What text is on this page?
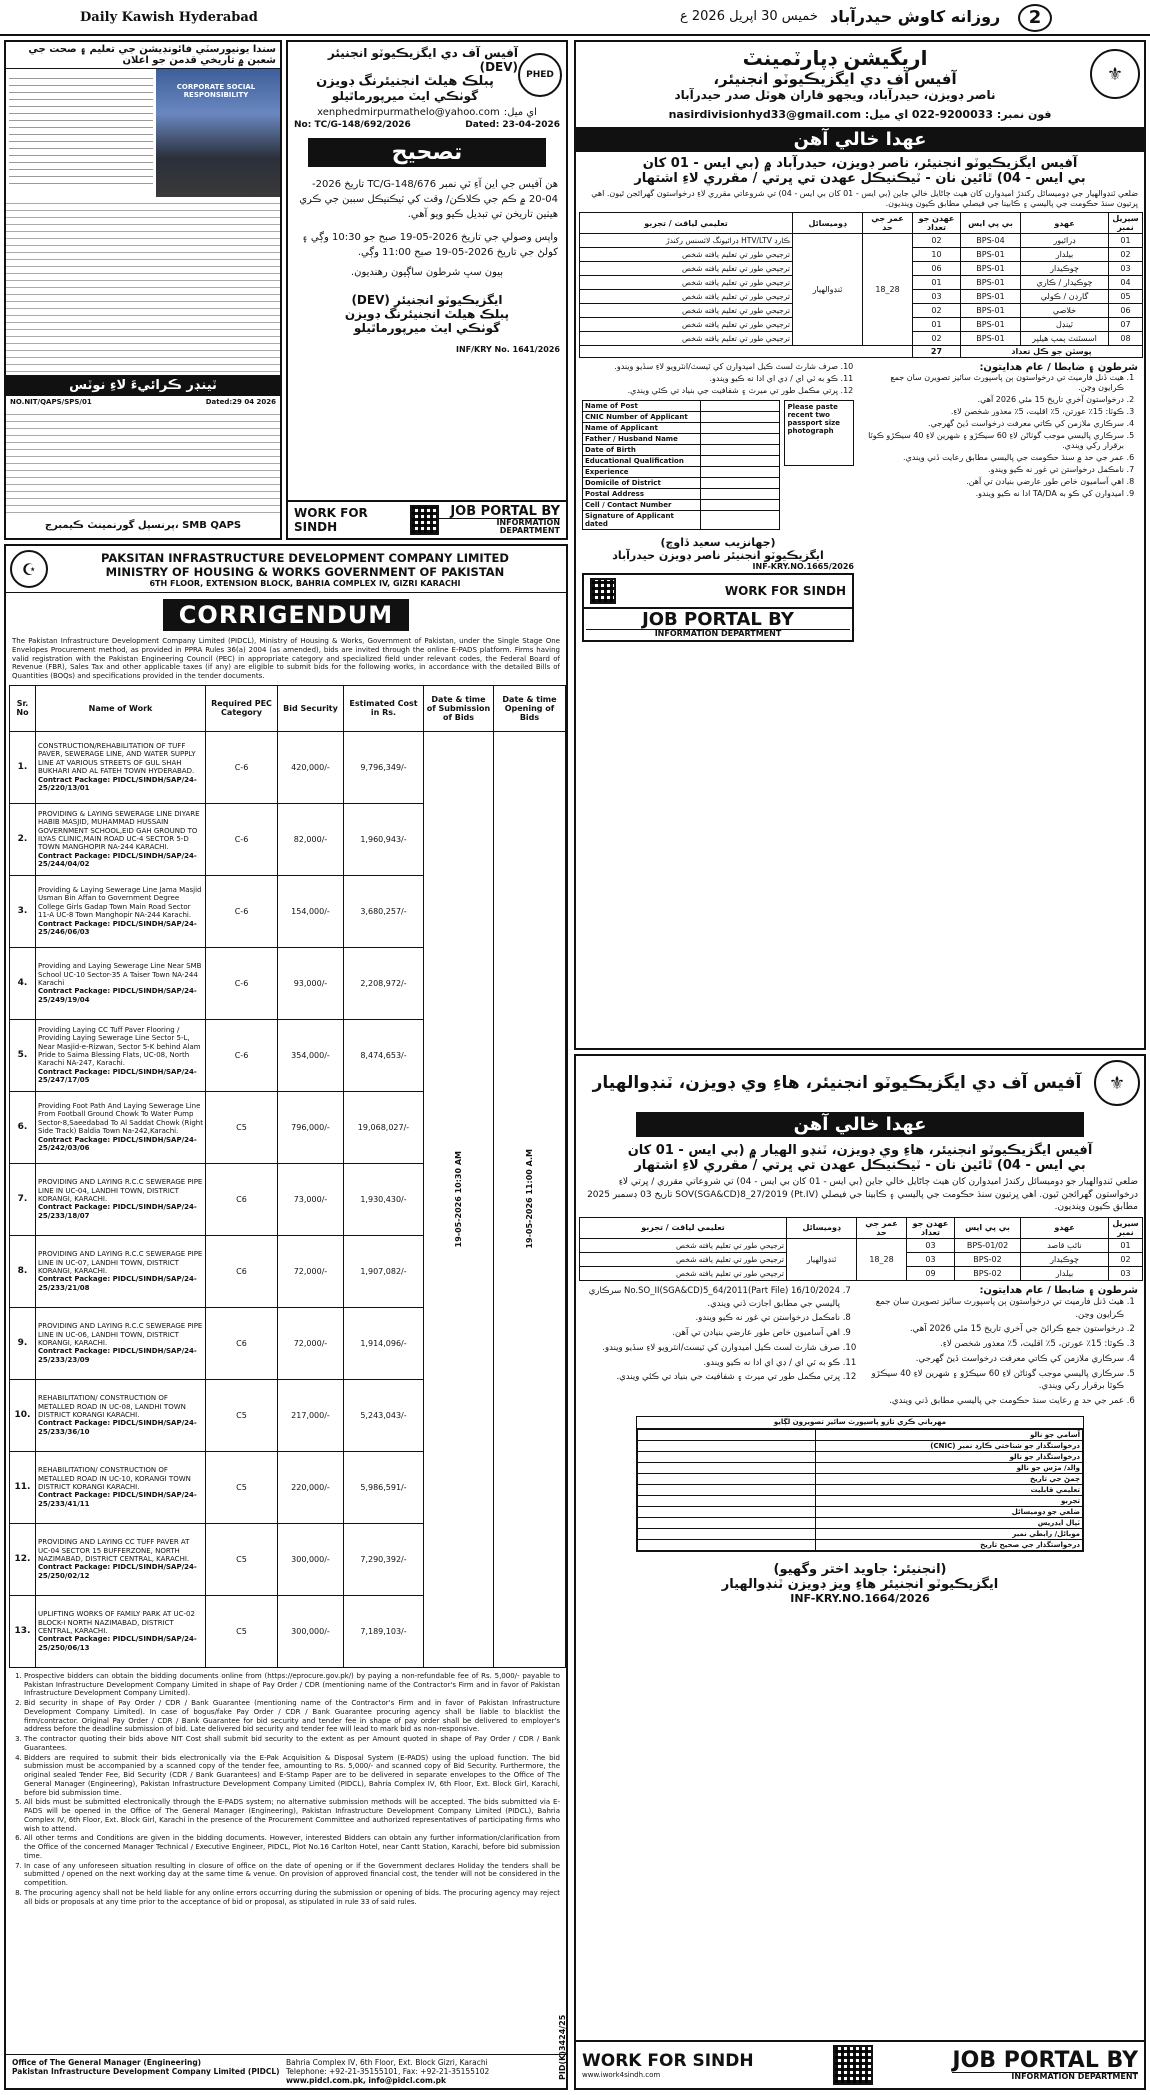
Daily Kawish Hyderabad	خميس 30 اپريل 2026 ع روزانه كاوش حيدرآباد	2
سندا يونيورسٽي فائونڊيشن جي تعليم ۽ صحت جي شعبن ۾ تاريخي قدمن جو اعلان
CORPORATE SOCIAL RESPONSIBILITY
ٽينڊر ڪرائيءَ لاءِ نوٽس
NO.NIT/QAPS/SPS/01	Dated:29 04 2026
SMB QAPS ،پرنسپل گورنمينٽ ڪيمبرج
آفيس آف دي ايگزيڪيوٽو انجنيئر (DEV)
پبلڪ هيلٿ انجنيئرنگ ڊويزن
گوٺڪي ايٽ ميرپورماٿيلو
PHED
xenphedmirpurmathelo@yahoo.com اي ميل:
No: TC/G-148/692/2026	Dated: 23-04-2026
تصحيح
هن آفيس جي اين آءِ ٽي نمبر TC/G-148/676 تاريخ 2026-04-20 ۾ ڪم جي ڪلاڪن/ وقت کي ٽيڪنيڪل سببن جي ڪري هيٺين تاريخن تي تبديل ڪيو ويو آهي.
واپس وصولي جي تاريخ 2026-05-19 صبح جو 10:30 وڳي ۽ کولڻ جي تاريخ 2026-05-19 صبح 11:00 وڳي.
ٻيون سڀ شرطون ساڳيون رهنديون.
ايگزيڪيوٽو انجنيئر (DEV)
پبلڪ هيلٿ انجنيئرنگ ڊويزن
گوٺڪي ايٽ ميرپورماٿيلو
INF/KRY No. 1641/2026
WORK FOR SINDH
JOB PORTAL BY
INFORMATION DEPARTMENT
☪
PAKSITAN INFRASTRUCTURE DEVELOPMENT COMPANY LIMITED
MINISTRY OF HOUSING & WORKS GOVERNMENT OF PAKISTAN
6TH FLOOR, EXTENSION BLOCK, BAHRIA COMPLEX IV, GIZRI KARACHI
CORRIGENDUM
The Pakistan Infrastructure Development Company Limited (PIDCL), Ministry of Housing & Works, Government of Pakistan, under the Single Stage One Envelopes Procurement method, as provided in PPRA Rules 36(a) 2004 (as amended), bids are invited through the online E-PADS platform. Firms having valid registration with the Pakistan Engineering Council (PEC) in appropriate category and specialized field under relevant codes, the Federal Board of Revenue (FBR), Sales Tax and other applicable taxes (if any) are eligible to submit bids for the following works, in accordance with the detailed Bills of Quantities (BOQs) and specifications provided in the tender documents.
Sr. No	Name of Work	Required PEC Category	Bid Security	Estimated Cost in Rs.	Date & time of Submission of Bids	Date & time Opening of Bids
1.	CONSTRUCTION/REHABILITATION OF TUFF PAVER, SEWERAGE LINE, AND WATER SUPPLY LINE AT VARIOUS STREETS OF GUL SHAH BUKHARI AND AL FATEH TOWN HYDERABAD.
Contract Package: PIDCL/SINDH/SAP/24-25/220/13/01	C-6	420,000/-	9,796,349/-	19-05-2026 10:30 AM	19-05-2026 11:00 A.M

2.	PROVIDING & LAYING SEWERAGE LINE DIYARE HABIB MASJID, MUHAMMAD HUSSAIN GOVERNMENT SCHOOL,EID GAH GROUND TO ILYAS CLINIC,MAIN ROAD UC-4 SECTOR 5-D TOWN MANGHOPIR NA-244 KARACHI.
Contract Package: PIDCL/SINDH/SAP/24-25/244/04/02	C-6	82,000/-	1,960,943/-		
3.	Providing & Laying Sewerage Line Jama Masjid Usman Bin Affan to Government Degree College Girls Gadap Town Main Road Sector 11-A UC-8 Town Manghopir NA-244 Karachi.
Contract Package: PIDCL/SINDH/SAP/24-25/246/06/03	C-6	154,000/-	3,680,257/-		
4.	Providing and Laying Sewerage Line Near SMB School UC-10 Sector-35 A Taiser Town NA-244 Karachi
Contract Package: PIDCL/SINDH/SAP/24-25/249/19/04	C-6	93,000/-	2,208,972/-		
5.	Providing Laying CC Tuff Paver Flooring / Providing Laying Sewerage Line Sector 5-L, Near Masjid-e-Rizwan, Sector 5-K behind Alam Pride to Saima Blessing Flats, UC-08, North Karachi NA-247, Karachi.
Contract Package: PIDCL/SINDH/SAP/24-25/247/17/05	C-6	354,000/-	8,474,653/-		
6.	Providing Foot Path And Laying Sewerage Line From Football Ground Chowk To Water Pump Sector-8,Saeedabad To Al Saddat Chowk (Right Side Track) Baldia Town Na-242,Karachi.
Contract Package: PIDCL/SINDH/SAP/24-25/242/03/06	C5	796,000/-	19,068,027/-		
7.	PROVIDING AND LAYING R.C.C SEWERAGE PIPE LINE IN UC-04, LANDHI TOWN, DISTRICT KORANGI, KARACHI.
Contract Package: PIDCL/SINDH/SAP/24-25/233/18/07	C6	73,000/-	1,930,430/-		
8.	PROVIDING AND LAYING R.C.C SEWERAGE PIPE LINE IN UC-07, LANDHI TOWN, DISTRICT KORANGI, KARACHI.
Contract Package: PIDCL/SINDH/SAP/24-25/233/21/08	C6	72,000/-	1,907,082/-		
9.	PROVIDING AND LAYING R.C.C SEWERAGE PIPE LINE IN UC-06, LANDHI TOWN, DISTRICT KORANGI, KARACHI.
Contract Package: PIDCL/SINDH/SAP/24-25/233/23/09	C6	72,000/-	1,914,096/-		
10.	REHABILITATION/ CONSTRUCTION OF METALLED ROAD IN UC-08, LANDHI TOWN DISTRICT KORANGI KARACHI.
Contract Package: PIDCL/SINDH/SAP/24-25/233/36/10	C5	217,000/-	5,243,043/-		
11.	REHABILITATION/ CONSTRUCTION OF METALLED ROAD IN UC-10, KORANGI TOWN DISTRICT KORANGI KARACHI.
Contract Package: PIDCL/SINDH/SAP/24-25/233/41/11	C5	220,000/-	5,986,591/-		
12.	PROVIDING AND LAYING CC TUFF PAVER AT UC-04 SECTOR 15 BUFFERZONE, NORTH NAZIMABAD, DISTRICT CENTRAL, KARACHI.
Contract Package: PIDCL/SINDH/SAP/24-25/250/02/12	C5	300,000/-	7,290,392/-		
13.	UPLIFTING WORKS OF FAMILY PARK AT UC-02 BLOCK-I NORTH NAZIMABAD, DISTRICT CENTRAL, KARACHI.
Contract Package: PIDCL/SINDH/SAP/24-25/250/06/13	C5	300,000/-	7,189,103/-		
1. Prospective bidders can obtain the bidding documents online from (https://eprocure.gov.pk/) by paying a non-refundable fee of Rs. 5,000/- payable to Pakistan Infrastructure Development Company Limited in shape of Pay Order / CDR (mentioning name of the Contractor's Firm and in favor of Pakistan Infrastructure Development Company Limited).
2. Bid security in shape of Pay Order / CDR / Bank Guarantee (mentioning name of the Contractor's Firm and in favor of Pakistan Infrastructure Development Company Limited). In case of bogus/fake Pay Order / CDR / Bank Guarantee procuring agency shall be liable to blacklist the firm/contractor. Original Pay Order / CDR / Bank Guarantee for bid security and tender fee in shape of pay order shall be delivered to employer's address before the deadline submission of bid. Late delivered bid security and tender fee will lead to mark bid as non-responsive.
3. The contractor quoting their bids above NIT Cost shall submit bid security to the extent as per Amount quoted in shape of Pay Order / CDR / Bank Guarantees.
4. Bidders are required to submit their bids electronically via the E-Pak Acquisition & Disposal System (E-PADS) using the upload function. The bid submission must be accompanied by a scanned copy of the tender fee, amounting to Rs. 5,000/- and scanned copy of Bid Security. Furthermore, the original sealed Tender Fee, Bid Security (CDR / Bank Guarantees) and E-Stamp Paper are to be delivered in separate envelopes to the Office of The General Manager (Engineering), Pakistan Infrastructure Development Company Limited (PIDCL), Bahria Complex IV, 6th Floor, Ext. Block Girl, Karachi, before bid submission time.
5. All bids must be submitted electronically through the E-PADS system; no alternative submission methods will be accepted. The bids submitted via E-PADS will be opened in the Office of The General Manager (Engineering), Pakistan Infrastructure Development Company Limited (PIDCL), Bahria Complex IV, 6th Floor, Ext. Block Girl, Karachi in the presence of the Procurement Committee and authorized representatives of participating firms who wish to attend.
6. All other terms and Conditions are given in the bidding documents. However, interested Bidders can obtain any further information/clarification from the Office of the concerned Manager Technical / Executive Engineer, PIDCL, Plot No.16 Carlton Hotel, near Cantt Station, Karachi, before bid submission time.
7. In case of any unforeseen situation resulting in closure of office on the date of opening or if the Government declares Holiday the tenders shall be submitted / opened on the next working day at the same time & venue. On provision of approved financial cost, the tender will not be considered in the competition.
8. The procuring agency shall not be held liable for any online errors occurring during the submission or opening of bids. The procuring agency may reject all bids or proposals at any time prior to the acceptance of bid or proposal, as stipulated in rule 33 of said rules.
Office of The General Manager (Engineering)
Pakistan Infrastructure Development Company Limited (PIDCL)
Bahria Complex IV, 6th Floor, Ext. Block Gizri, Karachi
Telephone: +92-21-35155101, Fax: +92-21-35155102
www.pidcl.com.pk, info@pidcl.com.pk
PID(K)3424/25
اريگيشن ڊپارٽمينٽ
آفيس آف دي ايگزيڪيوٽو انجنيئر،
ناصر ڊويزن، حيدرآباد، ويجهو فاران هوٽل صدر حيدرآباد
⚜
فون نمبر: 9200033-022 اي ميل: nasirdivisionhyd33@gmail.com
عهدا خالي آهن
آفيس ايگزيڪيوٽو انجنيئر، ناصر ڊويزن، حيدرآباد ۾ (بي ايس - 01 کان
بي ايس - 04) ٿائين نان - ٽيڪنيڪل عهدن تي ڀرتي / مقرري لاءِ اشتهار
ضلعي ٽنڊوالهيار جي ڊوميسائل رکندڙ اميدوارن کان هيٺ ڄاڻايل خالي جاين (بي ايس - 01 کان بي ايس - 04) تي شروعاتي مقرري لاءِ درخواستون گهرائجن ٿيون. اهي ڀرتيون سنڌ حڪومت جي پاليسي ۽ ڪابينا جي فيصلي مطابق ڪيون وينديون.
سيريل نمبر	عهدو	بي پي ايس	عهدن جو تعداد	عمر جي حد	ڊوميسائل	تعليمي لياقت / تجربو
01	ڊرائيور	BPS-04	02	18_28	ٽنڊوالهيار	ڪارڊ HTV/LTV ڊرائيونگ لائسنس رکندڙ
02	بيلدار	BPS-01	10			ترجيحي طور تي تعليم يافته شخص
03	چوڪيدار	BPS-01	06			ترجيحي طور تي تعليم يافته شخص
04	چوڪيدار / ڪاري	BPS-01	01			ترجيحي طور تي تعليم يافته شخص
05	گارڊن / ڪولي	BPS-01	03			ترجيحي طور تي تعليم يافته شخص
06	خلاصي	BPS-01	02			ترجيحي طور تي تعليم يافته شخص
07	ٽينڊل	BPS-01	01			ترجيحي طور تي تعليم يافته شخص
08	اسسٽنٽ پمپ هيلپر	BPS-01	02			ترجيحي طور تي تعليم يافته شخص
پوسٽن جو ڪل تعداد			27			
شرطون ۽ ضابطا / عام هدايتون:
1. هيٺ ڏنل فارميٽ تي درخواستون ٻن پاسپورٽ سائيز تصويرن سان جمع ڪرايون وڃن.
2. درخواستون آخري تاريخ 15 مئي 2026 آهي.
3. ڪوٽا: 15٪ عورتن، 5٪ اقليت، 5٪ معذور شخصن لاءِ.
4. سرڪاري ملازمن کي ڪاتي معرفت درخواست ڏيڻ گهرجي.
5. سرڪاري پاليسي موجب گوٺاڻن لاءِ 60 سيڪڙو ۽ شهرين لاءِ 40 سيڪڙو ڪوٽا برقرار رکي ويندي.
6. عمر جي حد ۾ سنڌ حڪومت جي پاليسي مطابق رعايت ڏني ويندي.
7. نامڪمل درخواستن تي غور نه ڪيو ويندو.
8. اهي آساميون خاص طور عارضي بنيادن تي آهن.
9. اميدوارن کي ڪو به TA/DA ادا نه ڪيو ويندو.
10. صرف شارٽ لسٽ ڪيل اميدوارن کي ٽيسٽ/انٽرويو لاءِ سڏيو ويندو.
11. ڪو به ٽي اي / ڊي اي ادا نه ڪيو ويندو.
12. ڀرتي مڪمل طور تي ميرٽ ۽ شفافيت جي بنياد تي ڪئي ويندي.
Name of Post	
CNIC Number of Applicant	
Name of Applicant	
Father / Husband Name	
Date of Birth	
Educational Qualification	
Experience	
Domicile of District	
Postal Address	
Cell / Contact Number	
Signature of Applicant dated	
Please paste recent two passport size photograph
(جهانزيب سعيد ڏاوچ)
ايگزيڪيوٽو انجنيئر ناصر ڊويزن حيدرآباد
INF-KRY.NO.1665/2026
WORK FOR SINDH
JOB PORTAL BY
INFORMATION DEPARTMENT
آفيس آف دي ايگزيڪيوٽو انجنيئر، هاءِ وي ڊويزن، ٽنڊوالهيار	⚜
عهدا خالي آهن
آفيس ايگزيڪيوٽو انجنيئر، هاءِ وي ڊويزن، ٽنڊو الهيار ۾ (بي ايس - 01 کان
بي ايس - 04) ٿائين نان - ٽيڪنيڪل عهدن تي ڀرتي / مقرري لاءِ اشتهار
ضلعي ٽنڊوالهيار جو ڊوميسائل رکندڙ اميدوارن کان هيٺ ڄاڻايل خالي جاين (بي ايس - 01 کان بي ايس - 04) تي شروعاتي مقرري / ڀرتي لاءِ درخواستون گهرائجن ٿيون. اهي ڀرتيون سنڌ حڪومت جي پاليسي ۽ ڪابينا جي فيصلي SOV(SGA&CD)8_27/2019 (Pt.IV) تاريخ 03 ڊسمبر 2025 مطابق ڪيون وينديون.
سيريل نمبر	عهدو	بي پي ايس	عهدن جو تعداد	عمر جي حد	ڊوميسائل	تعليمي لياقت / تجربو
01	نائب قاصد	BPS-01/02	03	18_28	ٽنڊوالهيار	ترجيحي طور تي تعليم يافته شخص
02	چوڪيدار	BPS-02	03			ترجيحي طور تي تعليم يافته شخص
03	بيلدار	BPS-02	09			ترجيحي طور تي تعليم يافته شخص
شرطون ۽ ضابطا / عام هدايتون:
1. هيٺ ڏنل فارميٽ تي درخواستون ٻن پاسپورٽ سائيز تصويرن سان جمع ڪرايون وڃن.
2. درخواستون جمع ڪرائڻ جي آخري تاريخ 15 مئي 2026 آهي.
3. ڪوٽا: 15٪ عورتن، 5٪ اقليت، 5٪ معذور شخصن لاءِ.
4. سرڪاري ملازمن کي ڪاتي معرفت درخواست ڏيڻ گهرجي.
5. سرڪاري پاليسي موجب گوٺاڻن لاءِ 60 سيڪڙو ۽ شهرين لاءِ 40 سيڪڙو ڪوٽا برقرار رکي ويندي.
6. عمر جي حد ۾ رعايت سنڌ حڪومت جي پاليسي مطابق ڏني ويندي.
7. No.SO_II(SGA&CD)5_64/2011(Part File) 16/10/2024 سرڪاري پاليسي جي مطابق اجازت ڏني ويندي.
8. نامڪمل درخواستن تي غور نه ڪيو ويندو.
9. اهي آساميون خاص طور عارضي بنيادن تي آهن.
10. صرف شارٽ لسٽ ڪيل اميدوارن کي ٽيسٽ/انٽرويو لاءِ سڏيو ويندو.
11. ڪو به ٽي اي / ڊي اي ادا نه ڪيو ويندو.
12. ڀرتي مڪمل طور تي ميرٽ ۽ شفافيت جي بنياد تي ڪئي ويندي.
مهرباني ڪري تازو پاسپورٽ سائيز تصويرون لڳايو
آسامي جو نالو	
درخواستگذار جو شناختي ڪارڊ نمبر (CNIC)	
درخواستگذار جو نالو	
والد/ مڙس جو نالو	
ڄمڻ جي تاريخ	
تعليمي قابليت	
تجربو	
ضلعي جو ڊوميسائل	
ٽپال ايڊريس	
موبائل/ رابطي نمبر	
درخواستگذار جي صحيح تاريخ	
(انجنيئر: جاويد اختر وگهيو)
ايگزيڪيوٽو انجنيئر هاءِ ويز ڊويزن ٽنڊوالهيار
INF-KRY.NO.1664/2026
WORK FOR SINDH
www.iwork4sindh.com
JOB PORTAL BY
INFORMATION DEPARTMENT
